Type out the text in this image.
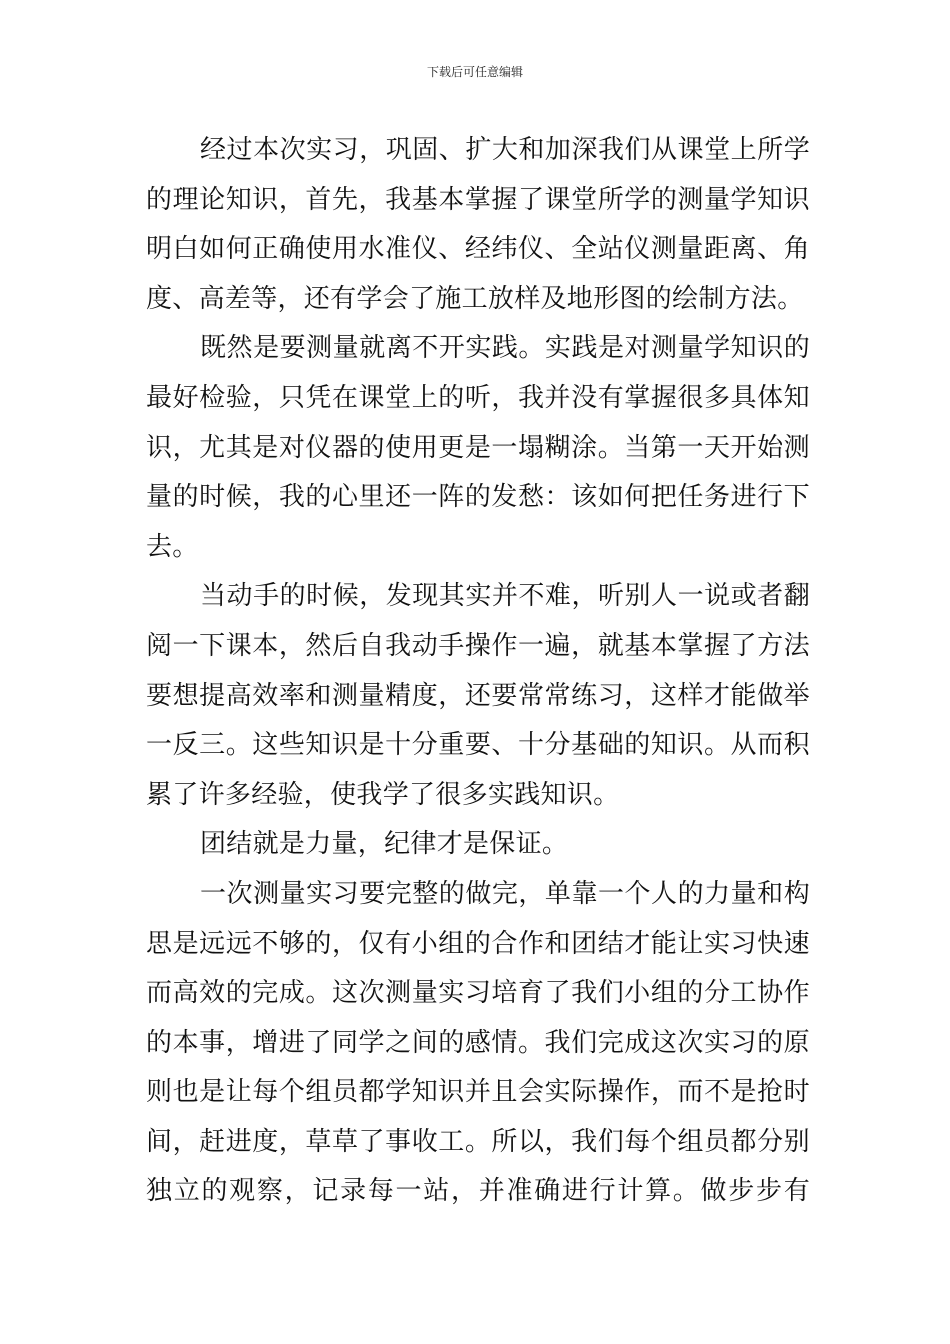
下载后可任意编辑
经过本次实习，巩固、扩大和加深我们从课堂上所学
的理论知识，首先，我基本掌握了课堂所学的测量学知识
明白如何正确使用水准仪、经纬仪、全站仪测量距离、角
度、高差等，还有学会了施工放样及地形图的绘制方法。
既然是要测量就离不开实践。实践是对测量学知识的
最好检验，只凭在课堂上的听，我并没有掌握很多具体知
识，尤其是对仪器的使用更是一塌糊涂。当第一天开始测
量的时候，我的心里还一阵的发愁：该如何把任务进行下
去。
当动手的时候，发现其实并不难，听别人一说或者翻
阅一下课本，然后自我动手操作一遍，就基本掌握了方法
要想提高效率和测量精度，还要常常练习，这样才能做举
一反三。这些知识是十分重要、十分基础的知识。从而积
累了许多经验，使我学了很多实践知识。
团结就是力量，纪律才是保证。
一次测量实习要完整的做完，单靠一个人的力量和构
思是远远不够的，仅有小组的合作和团结才能让实习快速
而高效的完成。这次测量实习培育了我们小组的分工协作
的本事，增进了同学之间的感情。我们完成这次实习的原
则也是让每个组员都学知识并且会实际操作，而不是抢时
间，赶进度，草草了事收工。所以，我们每个组员都分别
独立的观察，记录每一站，并准确进行计算。做步步有
